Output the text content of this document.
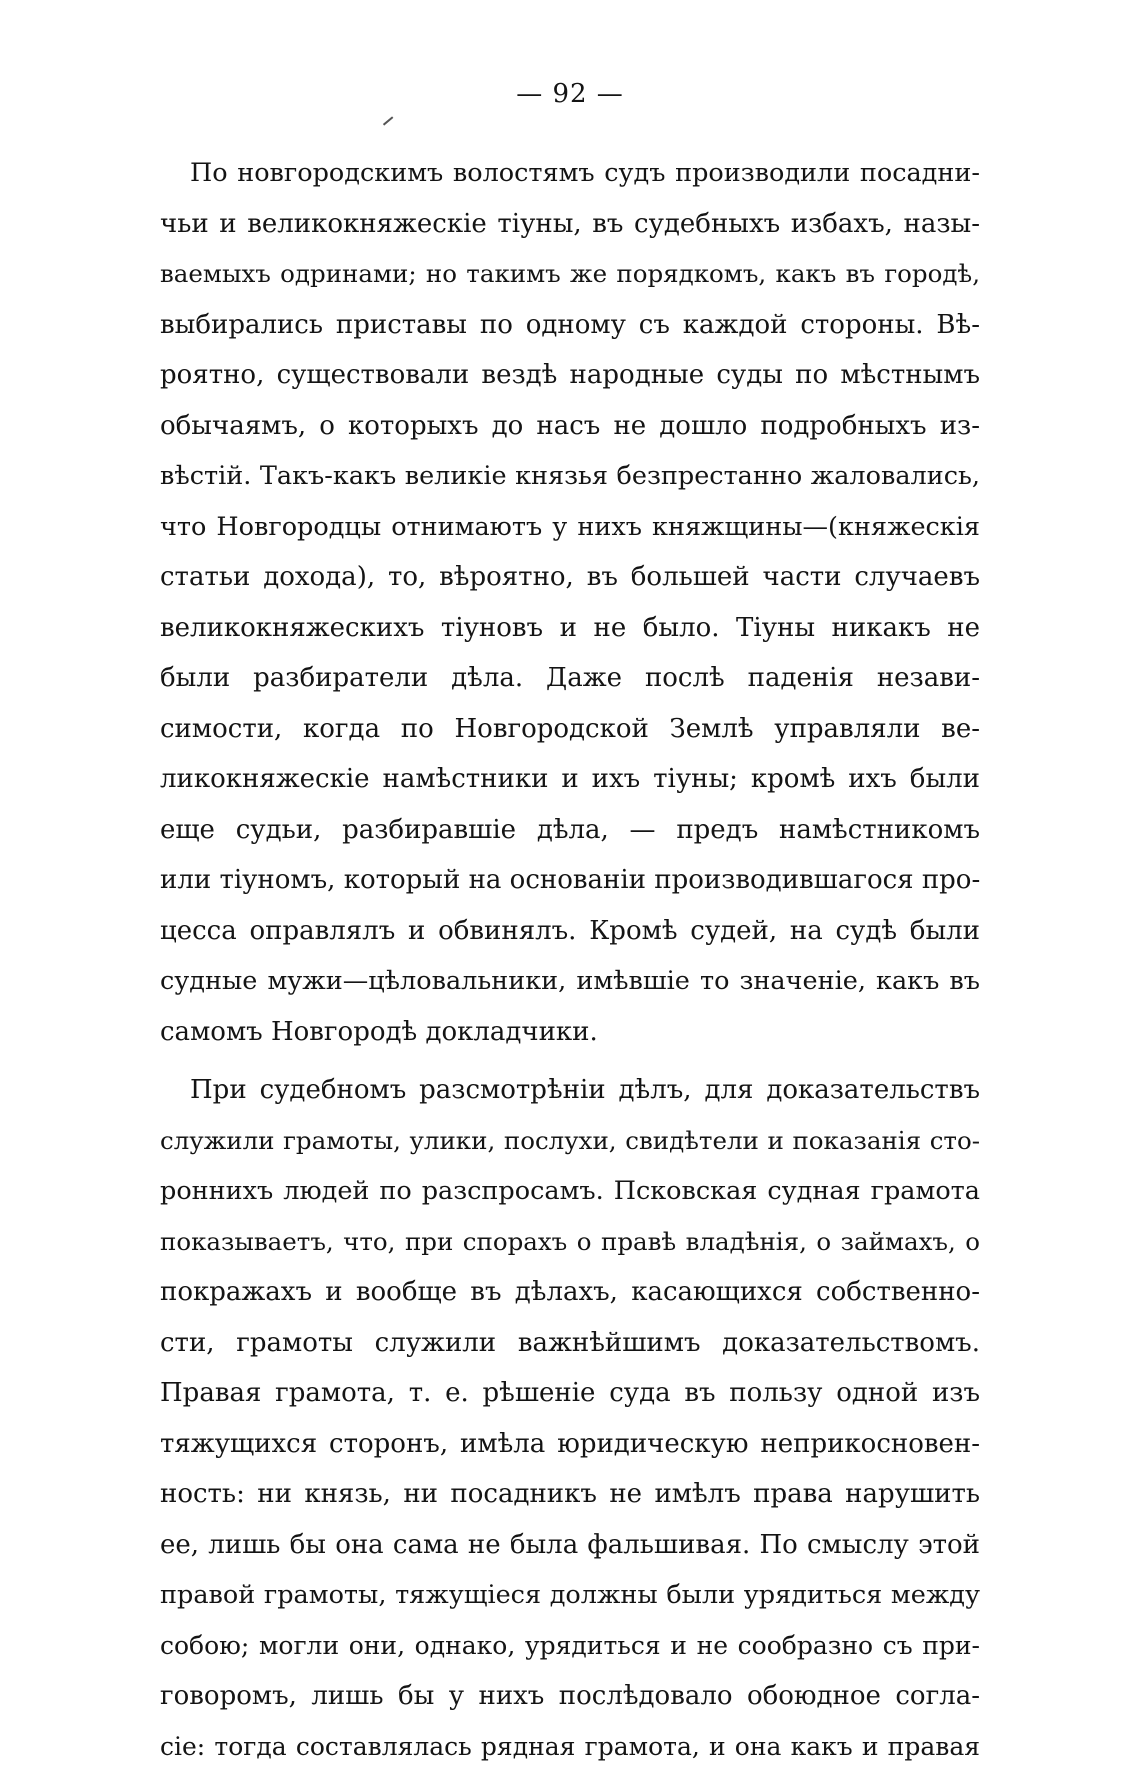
— 92 —
По новгородскимъ волостямъ судъ производили посадни-
чьи и великокняжескіе тіуны, въ судебныхъ избахъ, назы-
ваемыхъ одринами; но такимъ же порядкомъ, какъ въ городѣ,
выбирались приставы по одному съ каждой стороны. Вѣ-
роятно, существовали вездѣ народные суды по мѣстнымъ
обычаямъ, о которыхъ до насъ не дошло подробныхъ из-
вѣстій. Такъ-какъ великіе князья безпрестанно жаловались,
что Новгородцы отнимаютъ у нихъ княжщины—(княжескія
статьи дохода), то, вѣроятно, въ большей части случаевъ
великокняжескихъ тіуновъ и не было. Тіуны никакъ не
были разбиратели дѣла. Даже послѣ паденія незави-
симости, когда по Новгородской Землѣ управляли ве-
ликокняжескіе намѣстники и ихъ тіуны; кромѣ ихъ были
еще судьи, разбиравшіе дѣла, — предъ намѣстникомъ
или тіуномъ, который на основаніи производившагося про-
цесса оправлялъ и обвинялъ. Кромѣ судей, на судѣ были
судные мужи—цѣловальники, имѣвшіе то значеніе, какъ въ
самомъ Новгородѣ докладчики.
При судебномъ разсмотрѣніи дѣлъ, для доказательствъ
служили грамоты, улики, послухи, свидѣтели и показанія сто-
роннихъ людей по разспросамъ. Псковская судная грамота
показываетъ, что, при спорахъ о правѣ владѣнія, о займахъ, о
покражахъ и вообще въ дѣлахъ, касающихся собственно-
сти, грамоты служили важнѣйшимъ доказательствомъ.
Правая грамота, т. е. рѣшеніе суда въ пользу одной изъ
тяжущихся сторонъ, имѣла юридическую неприкосновен-
ность: ни князь, ни посадникъ не имѣлъ права нарушить
ее, лишь бы она сама не была фальшивая. По смыслу этой
правой грамоты, тяжущіеся должны были урядиться между
собою; могли они, однако, урядиться и не сообразно съ при-
говоромъ, лишь бы у нихъ послѣдовало обоюдное согла-
сіе: тогда составлялась рядная грамота, и она какъ и правая
